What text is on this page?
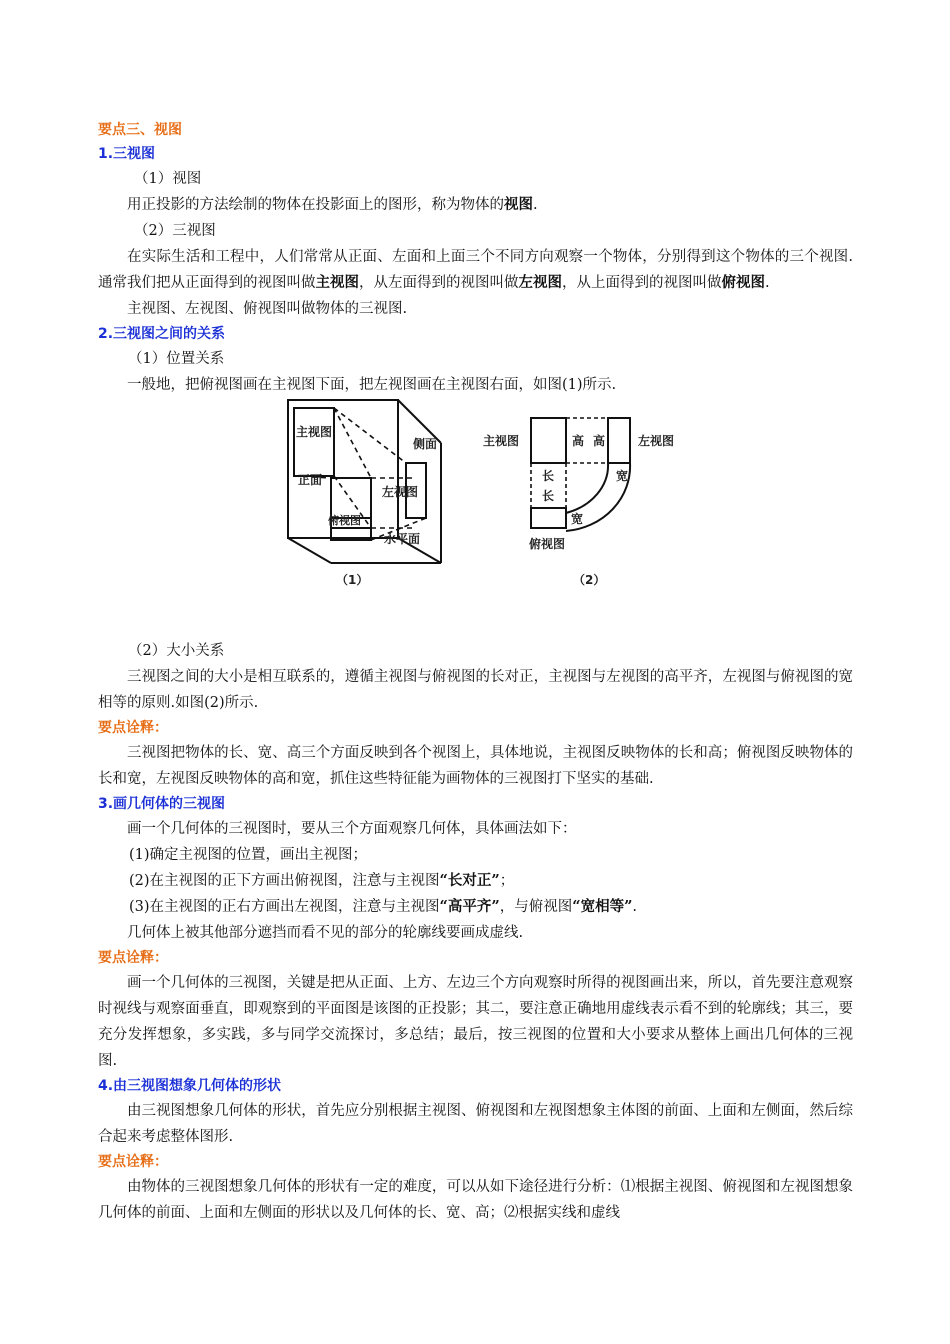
要点三、视图
1.三视图
（1）视图
用正投影的方法绘制的物体在投影面上的图形，称为物体的视图.
（2）三视图
在实际生活和工程中，人们常常从正面、左面和上面三个不同方向观察一个物体，分别得到这个物体的三个视图.通常我们把从正面得到的视图叫做主视图，从左面得到的视图叫做左视图，从上面得到的视图叫做俯视图.
主视图、左视图、俯视图叫做物体的三视图.
2.三视图之间的关系
（1）位置关系
一般地，把俯视图画在主视图下面，把左视图画在主视图右面，如图(1)所示.
主视图
侧面
正面
左视图
俯视图
水平面
（1）
主视图	高 高	左视图
长	宽
长
宽
俯视图
（2）
（2）大小关系
三视图之间的大小是相互联系的，遵循主视图与俯视图的长对正，主视图与左视图的高平齐，左视图与俯视图的宽相等的原则.如图(2)所示.
要点诠释：
三视图把物体的长、宽、高三个方面反映到各个视图上，具体地说，主视图反映物体的长和高；俯视图反映物体的长和宽，左视图反映物体的高和宽，抓住这些特征能为画物体的三视图打下坚实的基础.
3.画几何体的三视图
画一个几何体的三视图时，要从三个方面观察几何体，具体画法如下：
(1)确定主视图的位置，画出主视图；
(2)在主视图的正下方画出俯视图，注意与主视图“长对正”；
(3)在主视图的正右方画出左视图，注意与主视图“高平齐”，与俯视图“宽相等”.
几何体上被其他部分遮挡而看不见的部分的轮廓线要画成虚线.
要点诠释：
画一个几何体的三视图，关键是把从正面、上方、左边三个方向观察时所得的视图画出来，所以，首先要注意观察时视线与观察面垂直，即观察到的平面图是该图的正投影；其二，要注意正确地用虚线表示看不到的轮廓线；其三，要充分发挥想象，多实践，多与同学交流探讨，多总结；最后，按三视图的位置和大小要求从整体上画出几何体的三视图.
4.由三视图想象几何体的形状
由三视图想象几何体的形状，首先应分别根据主视图、俯视图和左视图想象主体图的前面、上面和左侧面，然后综合起来考虑整体图形.
要点诠释：
由物体的三视图想象几何体的形状有一定的难度，可以从如下途径进行分析：⑴根据主视图、俯视图和左视图想象几何体的前面、上面和左侧面的形状以及几何体的长、宽、高；⑵根据实线和虚线
